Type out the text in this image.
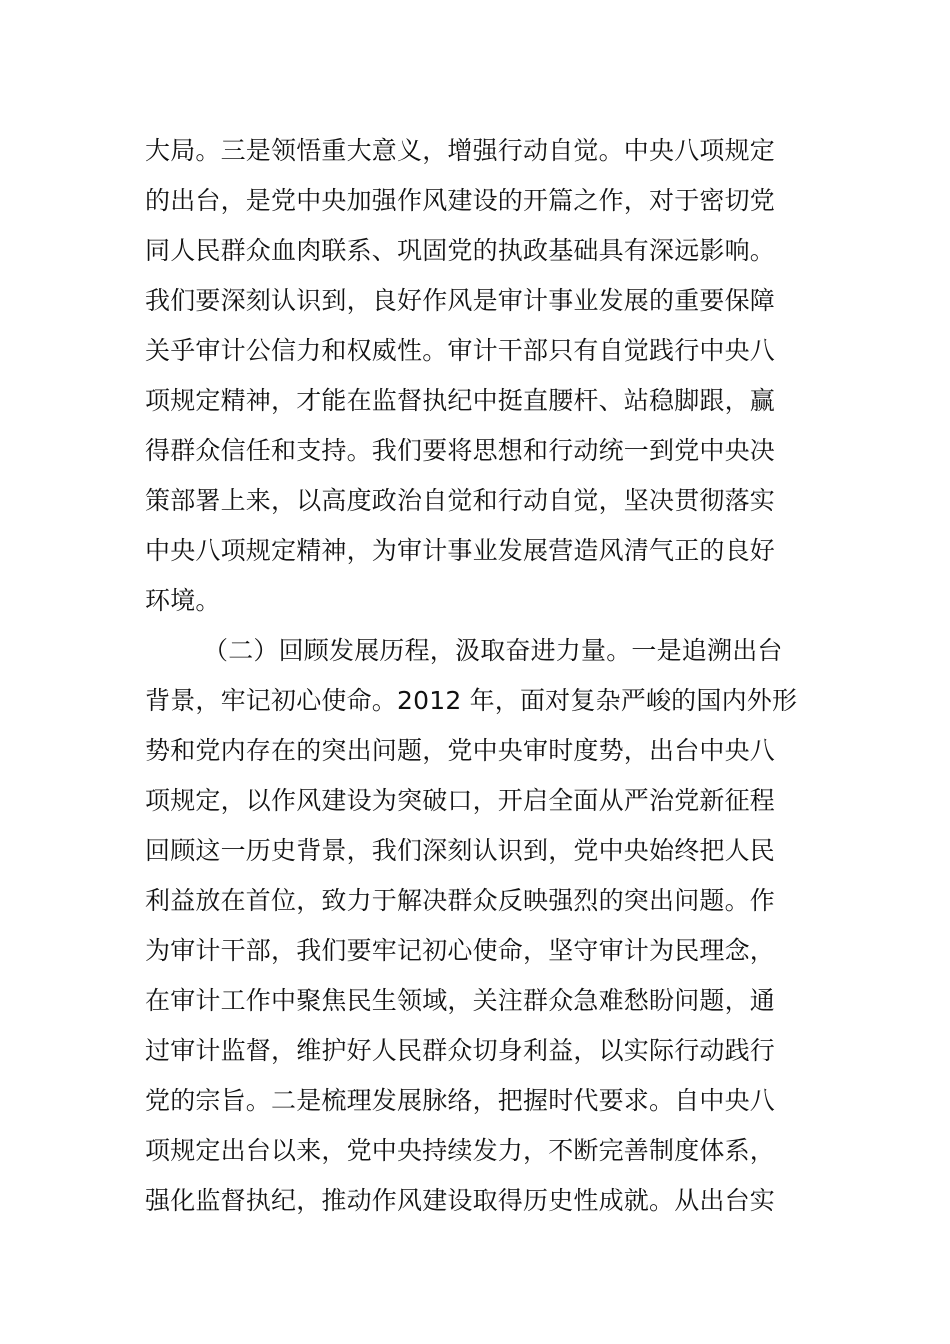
大局。三是领悟重大意义，增强行动自觉。中央八项规定
的出台，是党中央加强作风建设的开篇之作，对于密切党
同人民群众血肉联系、巩固党的执政基础具有深远影响。
我们要深刻认识到，良好作风是审计事业发展的重要保障
关乎审计公信力和权威性。审计干部只有自觉践行中央八
项规定精神，才能在监督执纪中挺直腰杆、站稳脚跟，赢
得群众信任和支持。我们要将思想和行动统一到党中央决
策部署上来，以高度政治自觉和行动自觉，坚决贯彻落实
中央八项规定精神，为审计事业发展营造风清气正的良好
环境。
（二）回顾发展历程，汲取奋进力量。一是追溯出台
背景，牢记初心使命。2012 年，面对复杂严峻的国内外形
势和党内存在的突出问题，党中央审时度势，出台中央八
项规定，以作风建设为突破口，开启全面从严治党新征程
回顾这一历史背景，我们深刻认识到，党中央始终把人民
利益放在首位，致力于解决群众反映强烈的突出问题。作
为审计干部，我们要牢记初心使命，坚守审计为民理念，
在审计工作中聚焦民生领域，关注群众急难愁盼问题，通
过审计监督，维护好人民群众切身利益，以实际行动践行
党的宗旨。二是梳理发展脉络，把握时代要求。自中央八
项规定出台以来，党中央持续发力，不断完善制度体系，
强化监督执纪，推动作风建设取得历史性成就。从出台实
